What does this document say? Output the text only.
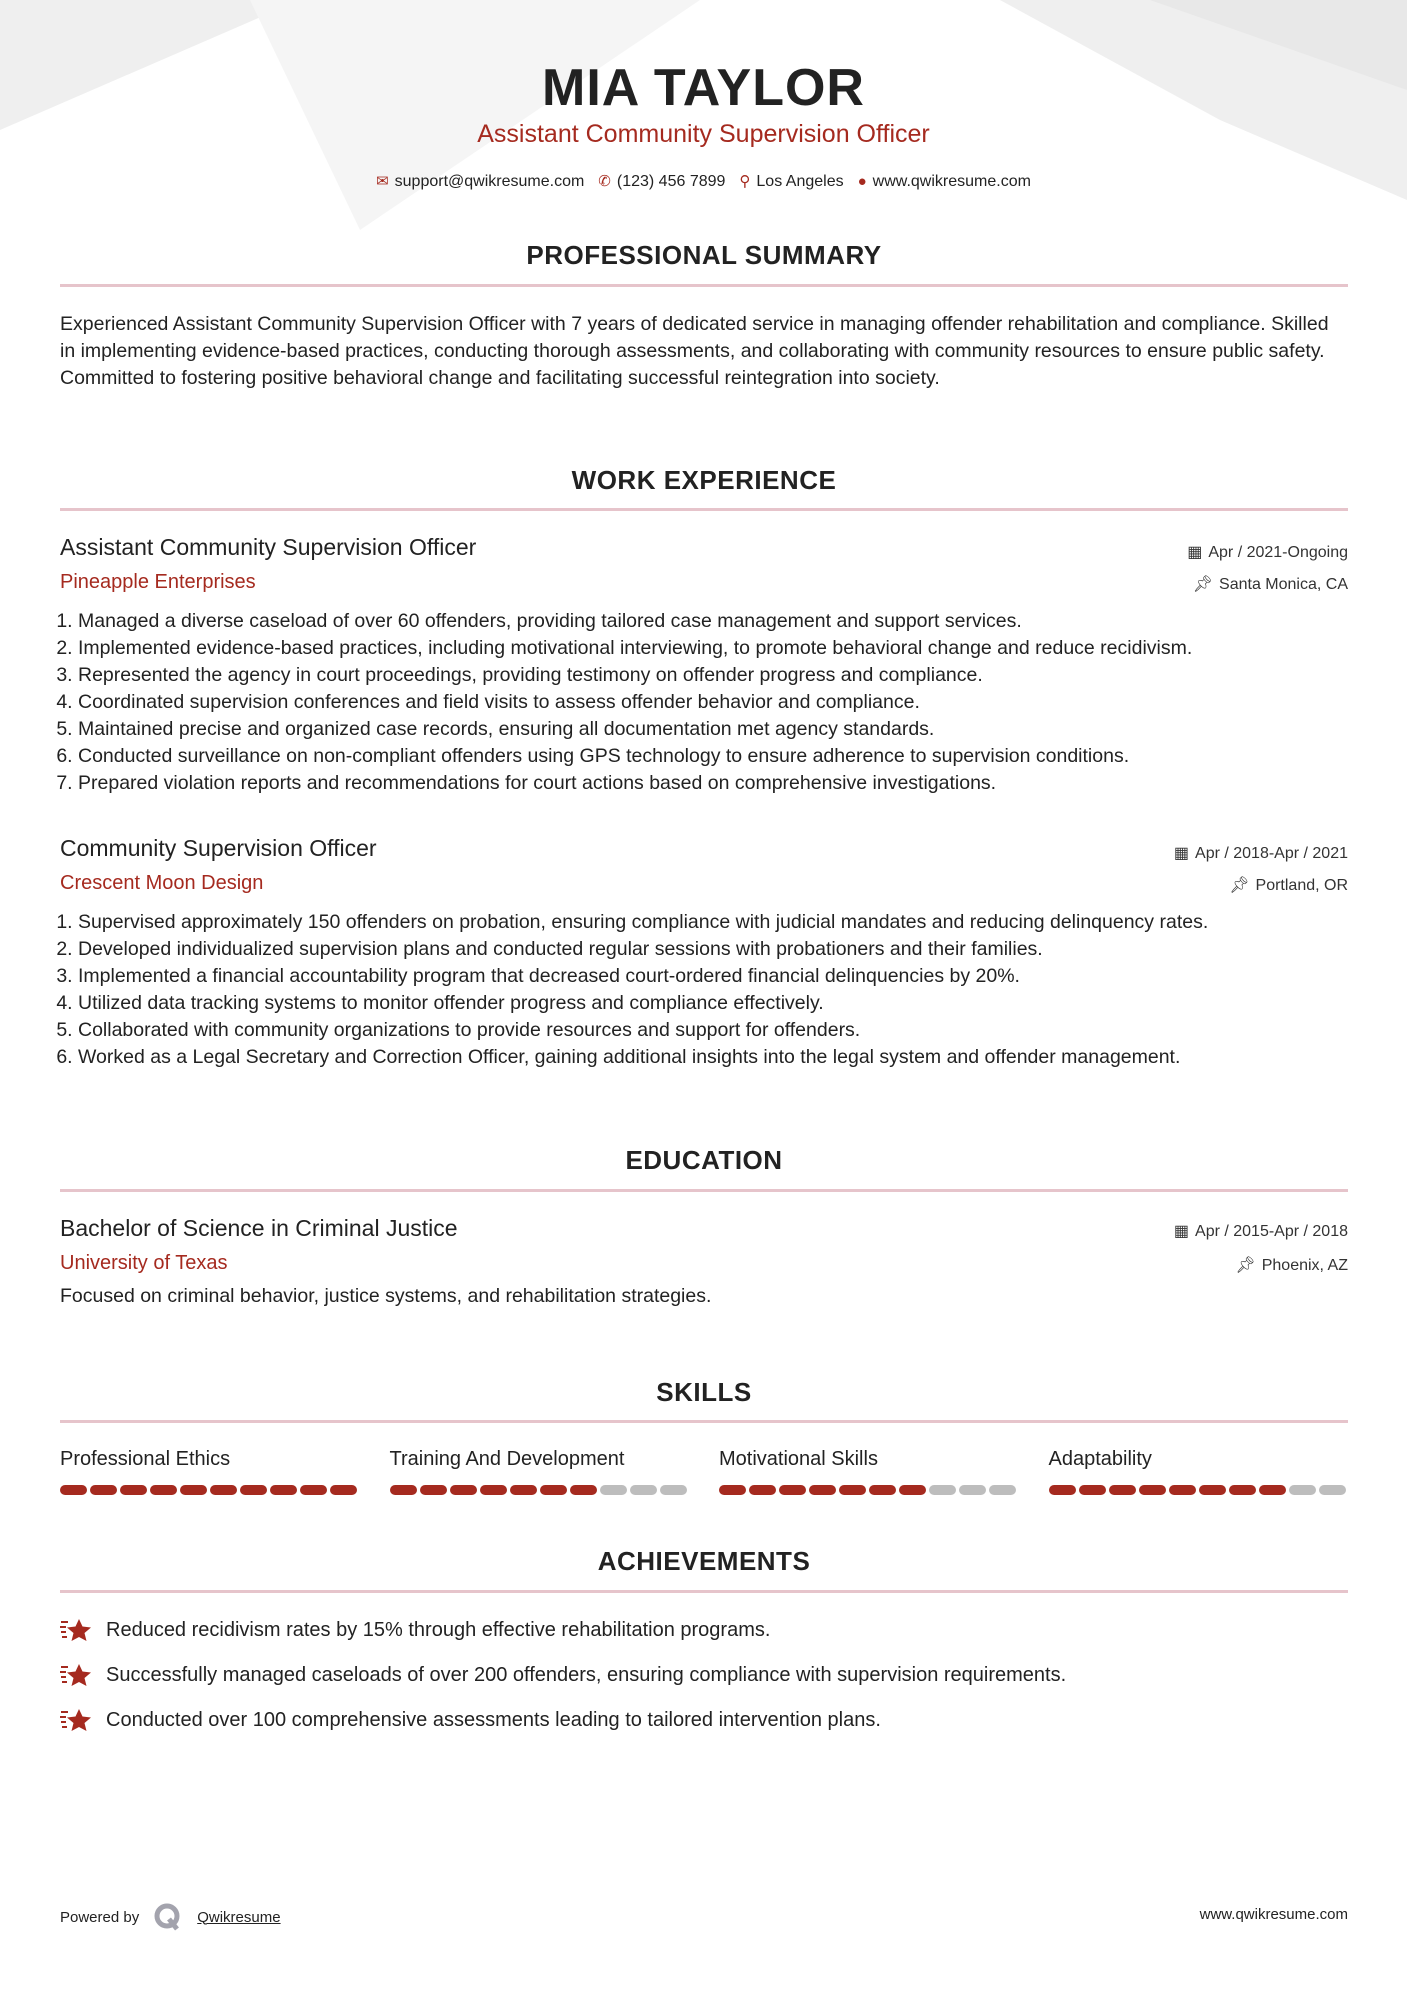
MIA TAYLOR
Assistant Community Supervision Officer
✉ support@qwikresume.com ✆ (123) 456 7899 ⚲ Los Angeles ● www.qwikresume.com
PROFESSIONAL SUMMARY
Experienced Assistant Community Supervision Officer with 7 years of dedicated service in managing offender rehabilitation and compliance. Skilled in implementing evidence-based practices, conducting thorough assessments, and collaborating with community resources to ensure public safety. Committed to fostering positive behavioral change and facilitating successful reintegration into society.
WORK EXPERIENCE
Assistant Community Supervision Officer
Pineapple Enterprises
▦ Apr / 2021-Ongoing
📌︎ Santa Monica, CA
1. Managed a diverse caseload of over 60 offenders, providing tailored case management and support services.
2. Implemented evidence-based practices, including motivational interviewing, to promote behavioral change and reduce recidivism.
3. Represented the agency in court proceedings, providing testimony on offender progress and compliance.
4. Coordinated supervision conferences and field visits to assess offender behavior and compliance.
5. Maintained precise and organized case records, ensuring all documentation met agency standards.
6. Conducted surveillance on non-compliant offenders using GPS technology to ensure adherence to supervision conditions.
7. Prepared violation reports and recommendations for court actions based on comprehensive investigations.
Community Supervision Officer
Crescent Moon Design
▦ Apr / 2018-Apr / 2021
📌︎ Portland, OR
1. Supervised approximately 150 offenders on probation, ensuring compliance with judicial mandates and reducing delinquency rates.
2. Developed individualized supervision plans and conducted regular sessions with probationers and their families.
3. Implemented a financial accountability program that decreased court-ordered financial delinquencies by 20%.
4. Utilized data tracking systems to monitor offender progress and compliance effectively.
5. Collaborated with community organizations to provide resources and support for offenders.
6. Worked as a Legal Secretary and Correction Officer, gaining additional insights into the legal system and offender management.
EDUCATION
Bachelor of Science in Criminal Justice
University of Texas
▦ Apr / 2015-Apr / 2018
📌︎ Phoenix, AZ
Focused on criminal behavior, justice systems, and rehabilitation strategies.
SKILLS
Professional Ethics	Training And Development	Motivational Skills	Adaptability
ACHIEVEMENTS
Reduced recidivism rates by 15% through effective rehabilitation programs.
Successfully managed caseloads of over 200 offenders, ensuring compliance with supervision requirements.
Conducted over 100 comprehensive assessments leading to tailored intervention plans.
Powered by	Qwikresume	www.qwikresume.com
